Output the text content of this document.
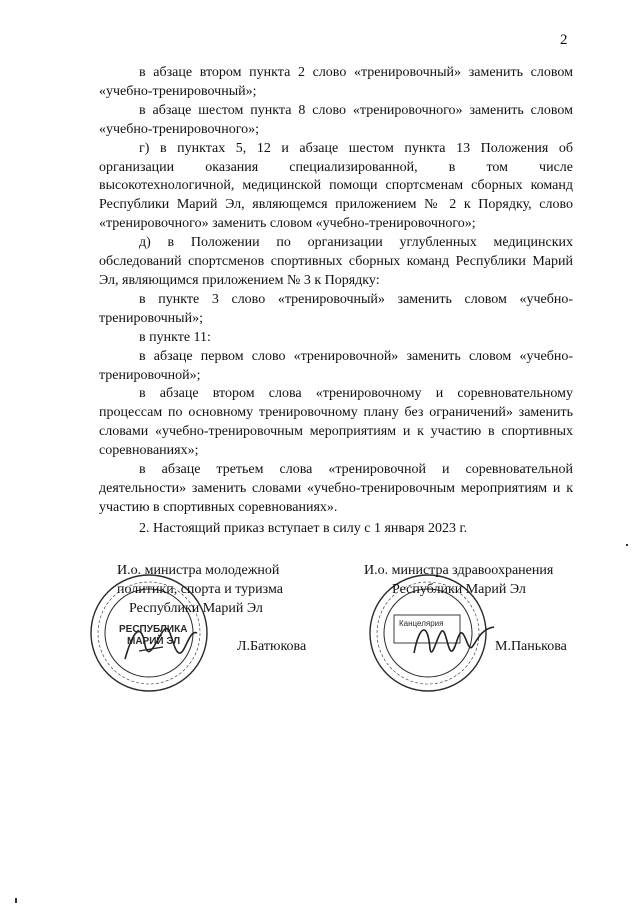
2

в абзаце втором пункта 2 слово «тренировочный» заменить словом «учебно-тренировочный»;

в абзаце шестом пункта 8 слово «тренировочного» заменить словом «учебно-тренировочного»;

г) в пунктах 5, 12 и абзаце шестом пункта 13 Положения об организации оказания специализированной, в том числе высокотехнологичной, медицинской помощи спортсменам сборных команд Республики Марий Эл, являющемся приложением № 2 к Порядку, слово «тренировочного» заменить словом «учебно-тренировочного»;

д) в Положении по организации углубленных медицинских обследований спортсменов спортивных сборных команд Республики Марий Эл, являющимся приложением № 3 к Порядку:

в пункте 3 слово «тренировочный» заменить словом «учебно-тренировочный»;

в пункте 11:

в абзаце первом слово «тренировочной» заменить словом «учебно-тренировочной»;

в абзаце втором слова «тренировочному и соревновательному процессам по основному тренировочному плану без ограничений» заменить словами «учебно-тренировочным мероприятиям и к участию в спортивных соревнованиях»;

в абзаце третьем слова «тренировочной и соревновательной деятельности» заменить словами «учебно-тренировочным мероприятиям и к участию в спортивных соревнованиях».

2. Настоящий приказ вступает в силу с 1 января 2023 г.

РЕСПУБЛИКА
МАРИЙ ЭЛ
И.о. министра молодежной
политики, спорта и туризма
Республики Марий Эл
Л.Батюкова
Канцелярия
И.о. министра здравоохранения
Республики Марий Эл
М.Панькова
